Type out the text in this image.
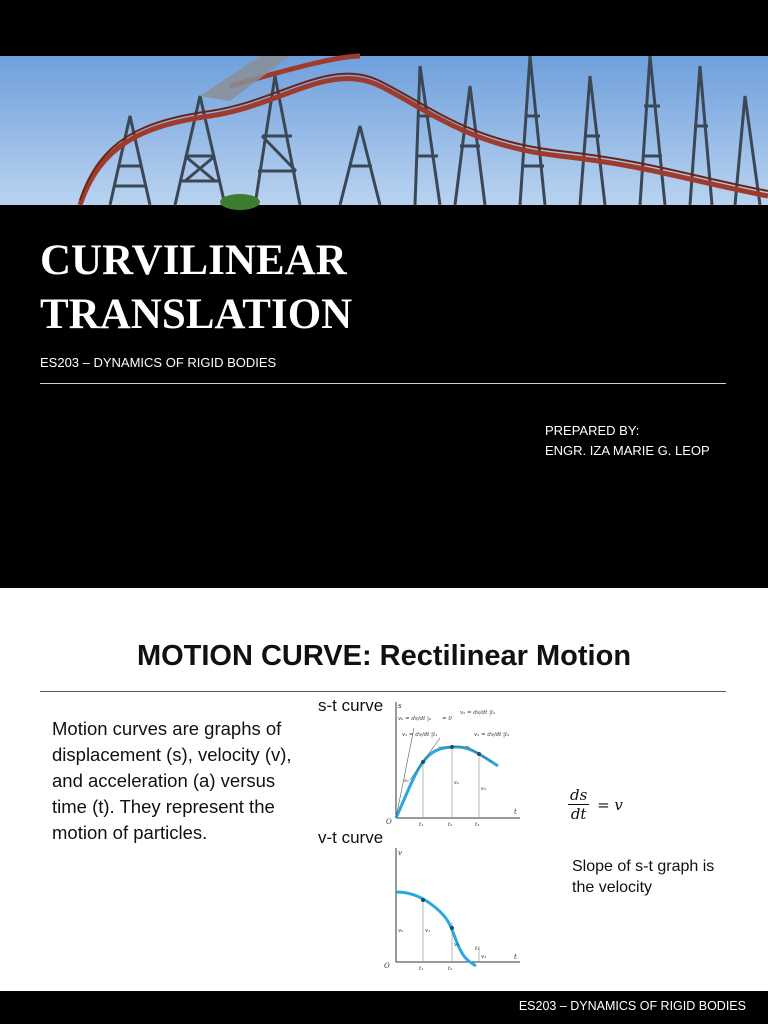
CURVILINEAR
TRANSLATION
ES203 – DYNAMICS OF RIGID BODIES
PREPARED BY:
ENGR. IZA MARIE G. LEOP
MOTION CURVE: Rectilinear Motion

Motion curves are graphs of displacement (s), velocity (v), and acceleration (a) versus time (t). They represent the motion of particles.

s-t curve
v-t curve
s
t
O
s₁	s₂
s₃
t₁	t₂	t₃
v₀ = ds/dt |₀
v₁ = ds/dt |t₁
= 0
v₂ = ds/dt |t₂
v₃ = ds/dt |t₃
v
t
O
v₀	v₁
v₂
v₃
t₁	t₂
t₃
$\frac{ds}{dt} = v$
Slope of s-t graph is the velocity
ES203 – DYNAMICS OF RIGID BODIES
